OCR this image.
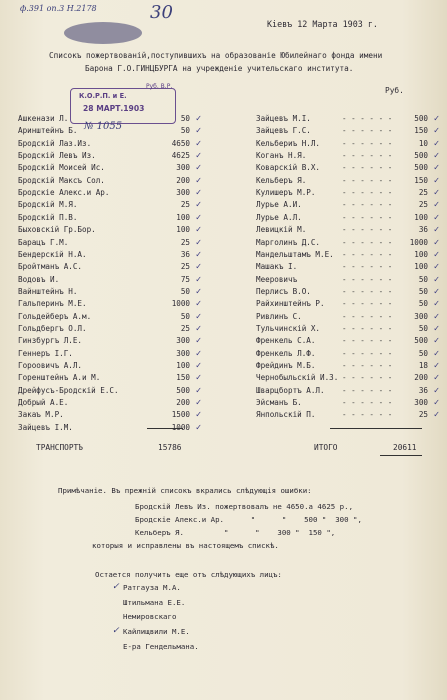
ф.391 оп.3 Н.2178	30
Кiевъ 12 Марта 1903 г.
Списокъ пожертвованiй,поступившихъ на образованiе Юбилейнаго фонда имени
Барона Г.О.ГИНЦБУРГА на учрежденiе учительскаго института.
Руб.
К.О.Р.П. и Е.
Руб. В.Р.
28 МАРТ.1903
№ 1055
Ашкенази Л.	50 ✓
Аринштейнъ Б.	50 ✓
Бродскiй Лаз.Из.	4650 ✓
Бродскiй Левъ Из.	4625 ✓
Бродскiй Моисей Ис.	300 ✓
Бродскiй Максъ Сол.	200 ✓
Бродскiе Алекс.и Ар.	300 ✓
Бродскiй М.Я.	25 ✓
Бродскiй П.В.	100 ✓
Быховскiй Гр.Бор.	100 ✓
Барацъ Г.М.	25 ✓
Бендерскiй Н.А.	36 ✓
Бройтманъ А.С.	25 ✓
Водовъ И.	75 ✓
Вайнштейнъ Н.	50 ✓
Гальперинъ М.Е.	1000 ✓
Гольдейберъ А.м.	50 ✓
Гольдбергъ О.Л.	25 ✓
Гинзбургъ Л.Е.	300 ✓
Геннеръ I.Г.	300 ✓
Гороовичъ А.Л.	100 ✓
Горенштейнъ А.и М.	150 ✓
Дрейфусъ-Бродскiй Е.С.	500 ✓
Добрый А.Е.	200 ✓
Закаъ М.Р.	1500 ✓
Зайцевъ I.М.	1000 ✓
Зайцевъ М.I.	- - - - - -	500 ✓
Зайцевъ Г.С.	- - - - - -	150 ✓
Кельбериъ Н.Л.	- - - - - -	10 ✓
Коганъ Н.Я.	- - - - - -	500 ✓
Коварскiй В.Х.	- - - - - -	500 ✓
Кельберъ Я.	- - - - - -	150 ✓
Кулишеръ М.Р.	- - - - - -	25 ✓
Лурье А.И.	- - - - - -	25 ✓
Лурье А.Л.	- - - - - -	100 ✓
Левицкiй М.	- - - - - -	36 ✓
Марголинъ Д.С.	- - - - - - 1000 ✓
Мандельштамъ М.Е. - - - - - -	100 ✓
Машакъ I.	- - - - - -	100 ✓
Меерoвичъ	- - - - - -	50 ✓
Перлисъ В.О.	- - - - - -	50 ✓
Райхинштейнъ Р. - - - - - -	50 ✓
Ривлинъ С.	- - - - - -	300 ✓
Тульчинскiй Х.	- - - - - -	50 ✓
Френкель С.А.	- - - - - -	500 ✓
Френкель Л.Ф.	- - - - - -	50 ✓
Фрейдинъ М.Б.	- - - - - -	18 ✓
Чернобыльскiй И.З. - - - - - -	200 ✓
Шварцбортъ А.Л. - - - - - -	36 ✓
Эйсманъ Б.	- - - - - -	300 ✓
Янпольскiй П.	- - - - - -	25 ✓
ТРАНСПОРТЪ	15786	ИТОГО	20611
Примѣчанiе. Въ прежнiй списокъ вкрались слѣдующiя ошибки:
Бродскiй Левъ Из. пожертвовалъ не 4650.а 4625 р.,
Бродскiе Алекс.и Ар.      "      "    500 "  300 ",
Кельберъ Я.         "      "    300 "  150 ",
которыя и исправлены въ настоящемъ спискѣ.
Остается получить еще отъ слѣдующихъ лицъ:
Ратгауза М.А.
Штильмана Е.Е.
Немировскаго
Кайлищвили М.Е.
Е-ра Гендельмана.
✓
✓
